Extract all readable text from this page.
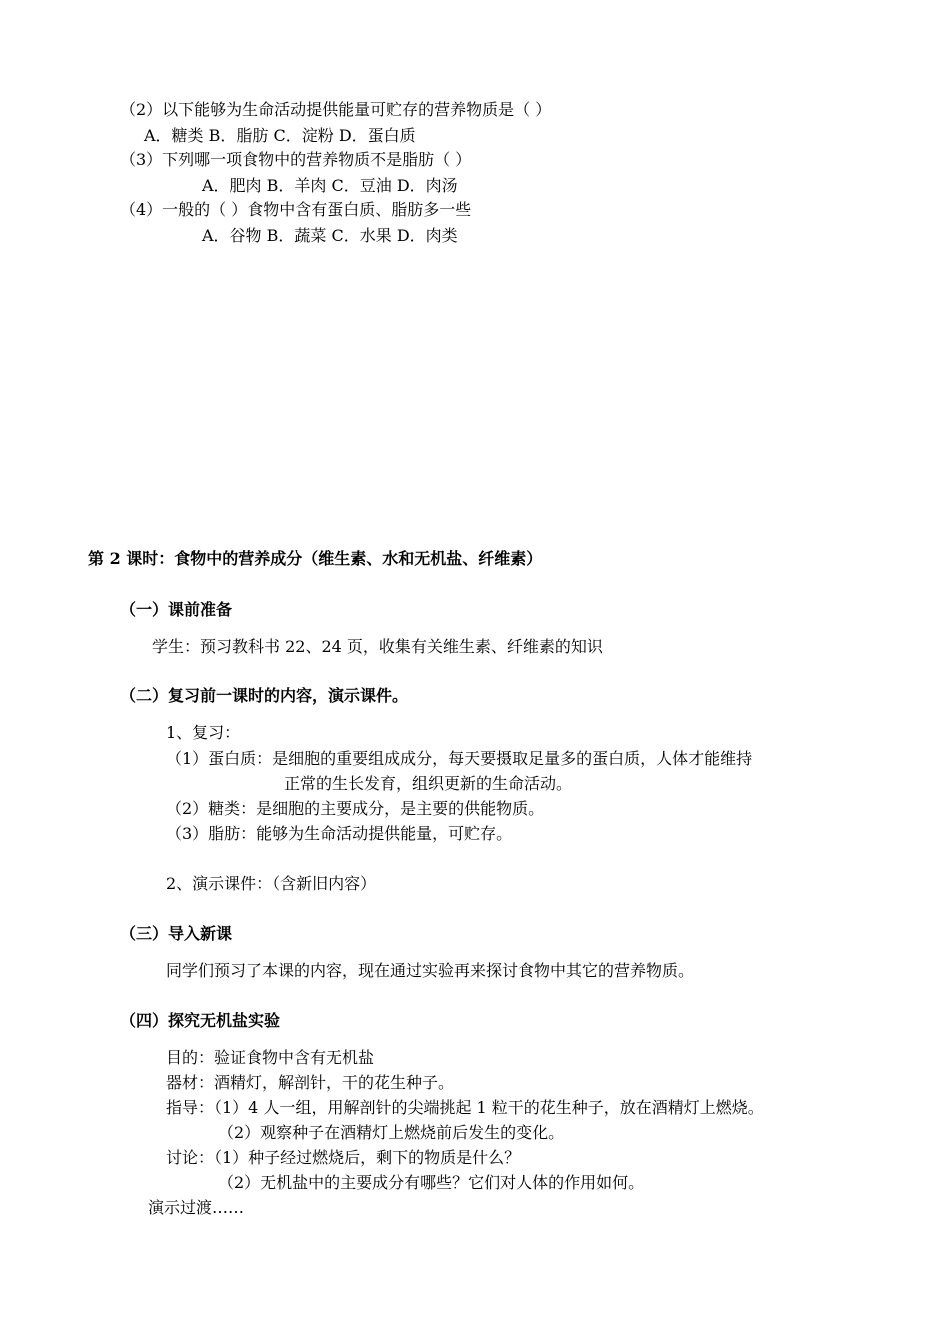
（2）以下能够为生命活动提供能量可贮存的营养物质是（ ）
A．糖类 B．脂肪 C．淀粉 D．蛋白质
（3）下列哪一项食物中的营养物质不是脂肪（ ）
A．肥肉 B．羊肉 C．豆油 D．肉汤
（4）一般的（ ）食物中含有蛋白质、脂肪多一些
A．谷物 B．蔬菜 C．水果 D．肉类
第 2 课时：食物中的营养成分（维生素、水和无机盐、纤维素）
（一）课前准备
学生：预习教科书 22、24 页，收集有关维生素、纤维素的知识
（二）复习前一课时的内容，演示课件。
1、复习：
（1）蛋白质：是细胞的重要组成成分，每天要摄取足量多的蛋白质，人体才能维持
正常的生长发育，组织更新的生命活动。
（2）糖类：是细胞的主要成分，是主要的供能物质。
（3）脂肪：能够为生命活动提供能量，可贮存。
2、演示课件：（含新旧内容）
（三）导入新课
同学们预习了本课的内容，现在通过实验再来探讨食物中其它的营养物质。
（四）探究无机盐实验
目的：验证食物中含有无机盐
器材：酒精灯，解剖针，干的花生种子。
指导：（1）4 人一组，用解剖针的尖端挑起 1 粒干的花生种子，放在酒精灯上燃烧。
（2）观察种子在酒精灯上燃烧前后发生的变化。
讨论：（1）种子经过燃烧后，剩下的物质是什么？
（2）无机盐中的主要成分有哪些？它们对人体的作用如何。
演示过渡……
